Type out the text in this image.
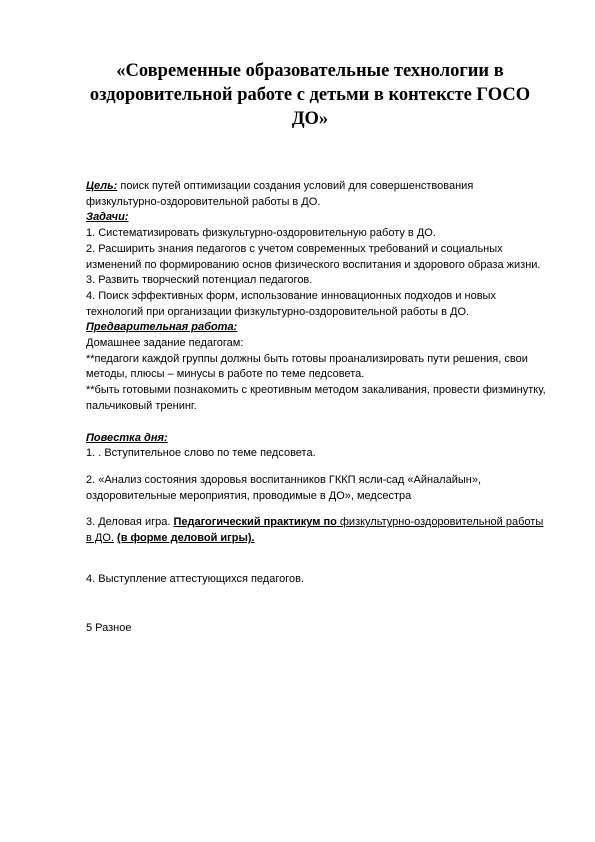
«Современные образовательные технологии в оздоровительной работе с детьми в контексте ГОСО ДО»

Цель: поиск путей оптимизации создания условий для совершенствования физкультурно-оздоровительной работы в ДО.

Задачи:

1. Систематизировать физкультурно-оздоровительную работу в ДО.

2. Расширить знания педагогов с учетом современных требований и социальных изменений по формированию основ физического воспитания и здорового образа жизни.

3. Развить творческий потенциал педагогов.

4. Поиск эффективных форм, использование инновационных подходов и новых технологий при организации физкультурно-оздоровительной работы в ДО.

Предварительная работа:

Домашнее задание педагогам:

**педагоги каждой группы должны быть готовы проанализировать пути решения, свои методы, плюсы – минусы в работе по теме педсовета.

**быть готовыми познакомить с креотивным методом закаливания, провести физминутку, пальчиковый тренинг.

Повестка дня:

1. . Вступительное слово по теме педсовета.

2. «Анализ состояния здоровья воспитанников ГККП ясли-сад «Айналайын», оздоровительные мероприятия, проводимые в ДО», медсестра

3. Деловая игра. Педагогический практикум по физкультурно-оздоровительной работы в ДО. (в форме деловой игры).

4. Выступление аттестующихся педагогов.

5 Разное
